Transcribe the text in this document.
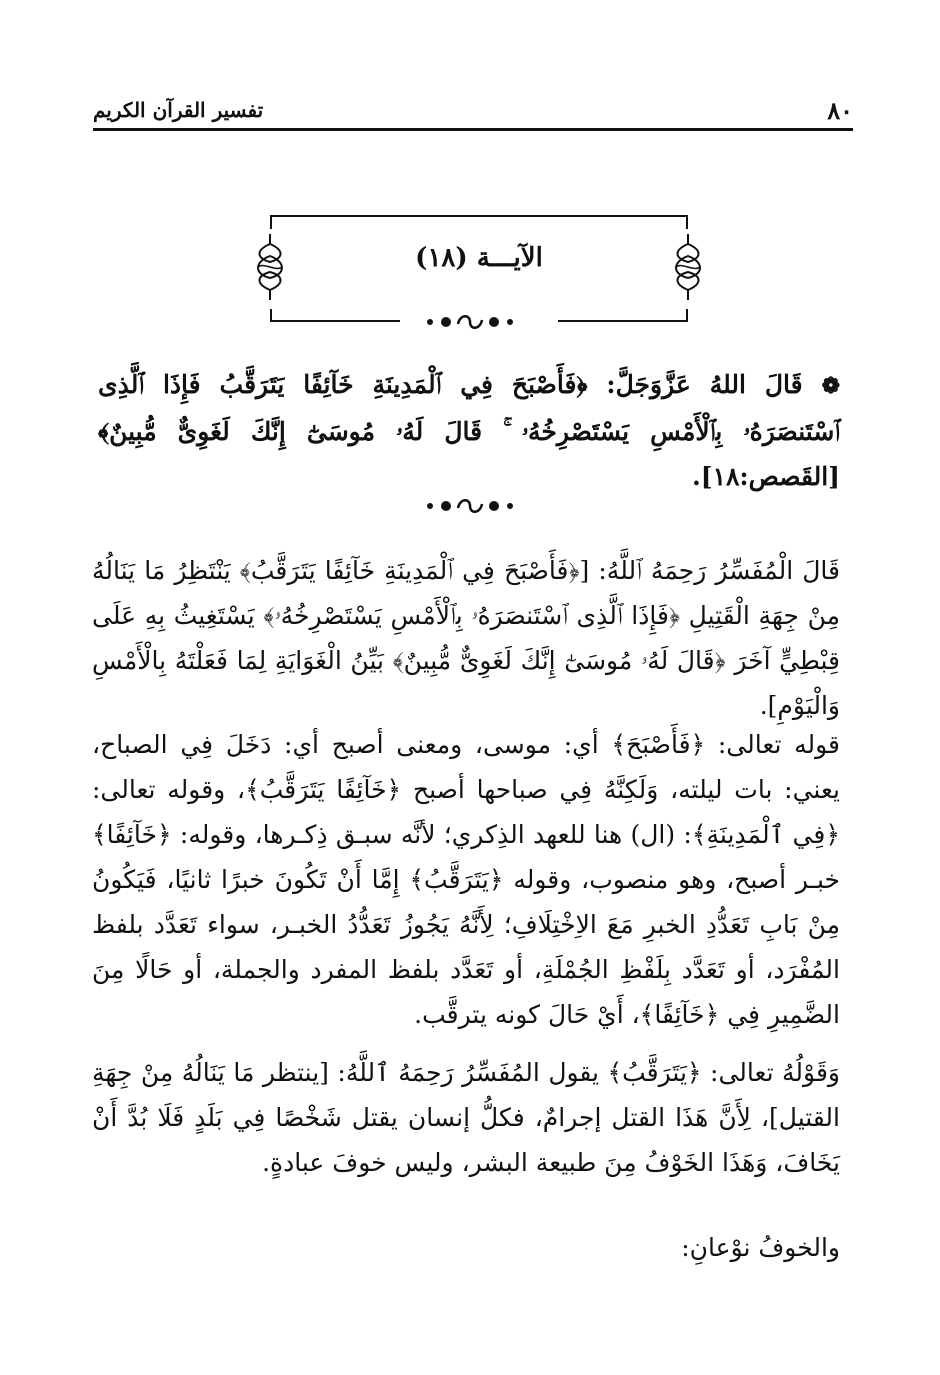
٨٠
تفسير القرآن الكريم
الآيـــة (١٨)
❁ قَالَ اللهُ عَزَّوَجَلَّ: ﴿فَأَصْبَحَ فِي ٱلْمَدِينَةِ خَآئِفًا يَتَرَقَّبُ فَإِذَا ٱلَّذِى ٱسْتَنصَرَهُۥ بِٱلْأَمْسِ يَسْتَصْرِخُهُۥ ۚ قَالَ لَهُۥ مُوسَىٰٓ إِنَّكَ لَغَوِىٌّ مُّبِينٌ﴾ [القَصص:١٨].
قَالَ الْمُفَسِّرُ رَحِمَهُ ٱللَّهُ: [﴿فَأَصْبَحَ فِي ٱلْمَدِينَةِ خَآئِفًا يَتَرَقَّبُ﴾ يَنْتَظِرُ مَا يَنَالُهُ مِنْ جِهَةِ الْقَتِيلِ ﴿فَإِذَا ٱلَّذِى ٱسْتَنصَرَهُۥ بِٱلْأَمْسِ يَسْتَصْرِخُهُۥ﴾ يَسْتَغِيثُ بِهِ عَلَى قِبْطِيٍّ آخَرَ ﴿قَالَ لَهُۥ مُوسَىٰٓ إِنَّكَ لَغَوِىٌّ مُّبِينٌ﴾ بَيِّنُ الْغَوَايَةِ لِمَا فَعَلْتَهُ بِالْأَمْسِ وَالْيَوْمِ].
قوله تعالى: ﴿فَأَصْبَحَ﴾ أي: موسى، ومعنى أصبح أي: دَخَلَ فِي الصباح، يعني: بات ليلته، وَلَكِنَّهُ فِي صباحها أصبح ﴿خَآئِفًا يَتَرَقَّبُ﴾، وقوله تعالى: ﴿فِي ٱلْمَدِينَةِ﴾: (ال) هنا للعهد الذِكري؛ لأنَّه سبـق ذِكـرها، وقوله: ﴿خَآئِفًا﴾ خبـر أصبح، وهو منصوب، وقوله ﴿يَتَرَقَّبُ﴾ إِمَّا أَنْ تَكُونَ خبرًا ثانيًا، فَيَكُونُ مِنْ بَابِ تَعَدُّدِ الخبرِ مَعَ الاِخْتِلَافِ؛ لِأَنَّهُ يَجُوزُ تَعَدُّدُ الخبـر، سواء تَعَدَّد بلفظ المُفْرَد، أو تَعَدَّد بِلَفْظِ الجُمْلَةِ، أو تَعَدَّد بلفظ المفرد والجملة، أو حَالًا مِنَ الضَّمِيرِ فِي ﴿خَآئِفًا﴾، أَيْ حَالَ كونه يترقَّب.
وَقَوْلُهُ تعالى: ﴿يَتَرَقَّبُ﴾ يقول المُفَسِّرُ رَحِمَهُ ٱللَّهُ: [ينتظر مَا يَنَالُهُ مِنْ جِهَةِ القتيل]، لِأَنَّ هَذَا القتل إجرامٌ، فكلُّ إنسان يقتل شَخْصًا فِي بَلَدٍ فَلَا بُدَّ أَنْ يَخَافَ، وَهَذَا الخَوْفُ مِنَ طبيعة البشر، وليس خوفَ عبادةٍ.
والخوفُ نوْعانِ:
